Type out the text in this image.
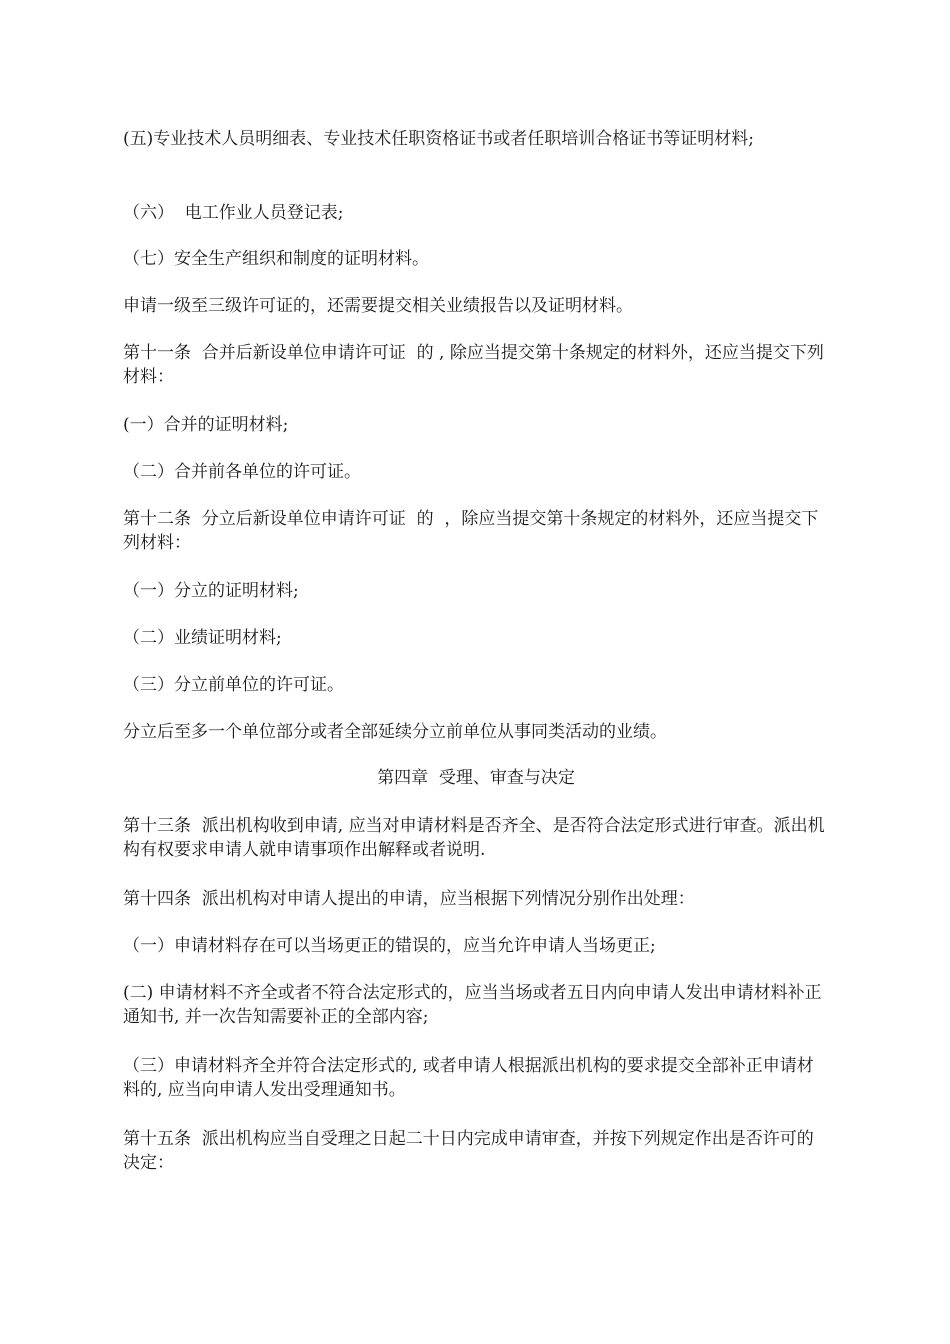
(五)专业技术人员明细表、专业技术任职资格证书或者任职培训合格证书等证明材料;
（六）  电工作业人员登记表;
（七）安全生产组织和制度的证明材料。
申请一级至三级许可证的，还需要提交相关业绩报告以及证明材料。
第十一条  合并后新设单位申请许可证  的 , 除应当提交第十条规定的材料外，还应当提交下列材料：
(一）合并的证明材料;
（二）合并前各单位的许可证。
第十二条  分立后新设单位申请许可证  的  ，除应当提交第十条规定的材料外，还应当提交下列材料：
（一）分立的证明材料;
（二）业绩证明材料;
（三）分立前单位的许可证。
分立后至多一个单位部分或者全部延续分立前单位从事同类活动的业绩。
第四章  受理、审查与决定
第十三条  派出机构收到申请, 应当对申请材料是否齐全、是否符合法定形式进行审查。派出机构有权要求申请人就申请事项作出解释或者说明.
第十四条  派出机构对申请人提出的申请，应当根据下列情况分别作出处理：
（一）申请材料存在可以当场更正的错误的，应当允许申请人当场更正;
(二) 申请材料不齐全或者不符合法定形式的，应当当场或者五日内向申请人发出申请材料补正通知书, 并一次告知需要补正的全部内容;
（三）申请材料齐全并符合法定形式的, 或者申请人根据派出机构的要求提交全部补正申请材料的, 应当向申请人发出受理通知书。
第十五条  派出机构应当自受理之日起二十日内完成申请审查，并按下列规定作出是否许可的决定：
